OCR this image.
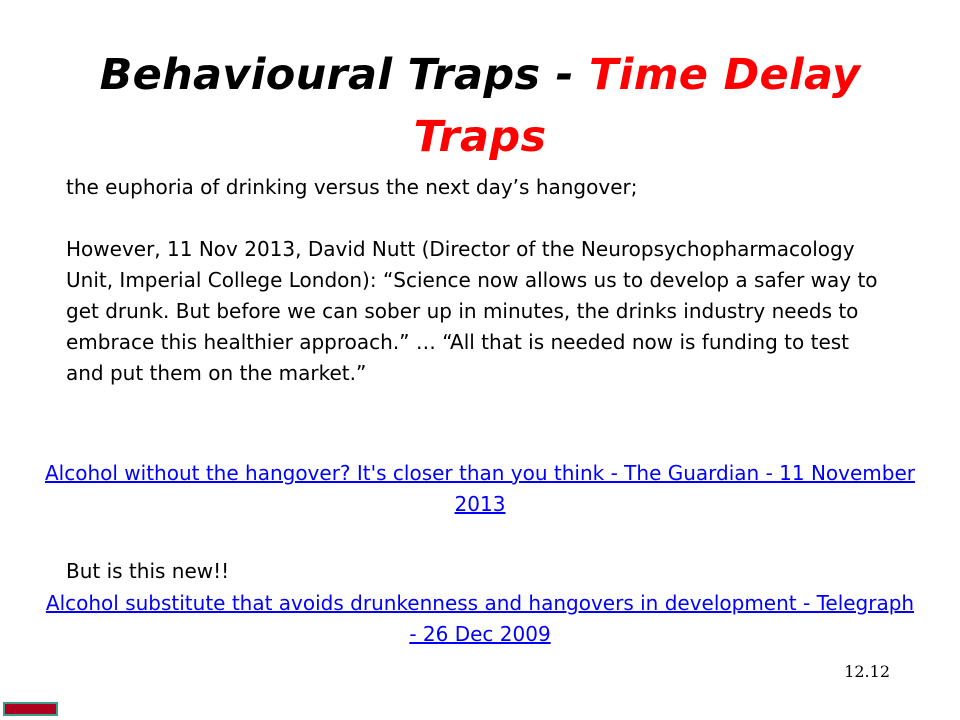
Behavioural Traps - Time Delay Traps

the euphoria of drinking versus the next day’s hangover;

However, 11 Nov 2013, David Nutt (Director of the Neuropsychopharmacology Unit, Imperial College London): “Science now allows us to develop a safer way to get drunk. But before we can sober up in minutes, the drinks industry needs to embrace this healthier approach.” … “All that is needed now is funding to test and put them on the market.”

Alcohol without the hangover? It's closer than you think - The Guardian - 11 November 2013
But is this new!!
Alcohol substitute that avoids drunkenness and hangovers in development - Telegraph - 26 Dec 2009
12.12
